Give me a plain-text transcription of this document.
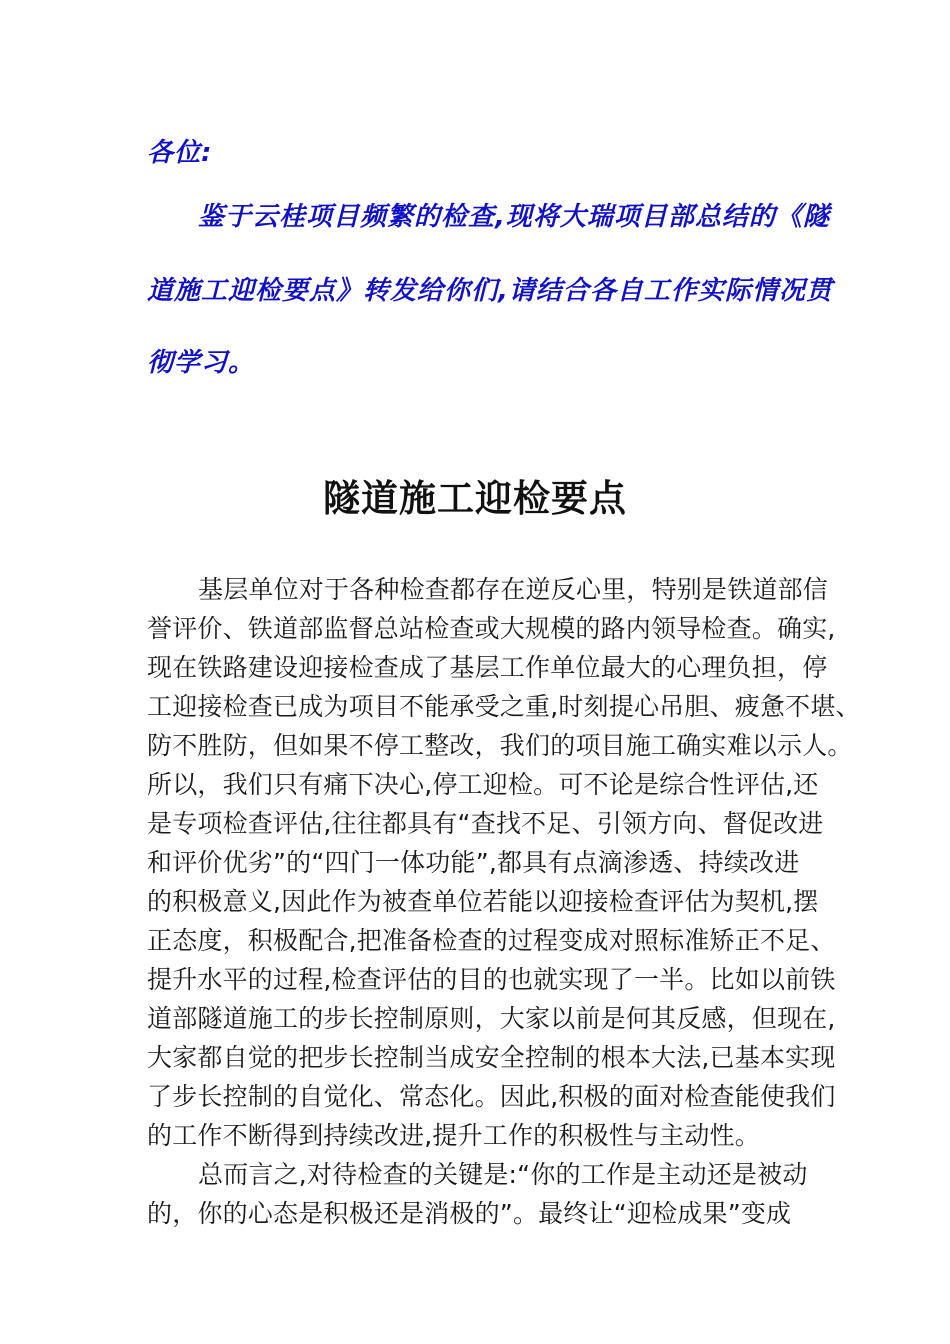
各位:

鉴于云桂项目频繁的检查,现将大瑞项目部总结的《隧

道施工迎检要点》转发给你们,请结合各自工作实际情况贯

彻学习。

隧道施工迎检要点

基层单位对于各种检查都存在逆反心里，特别是铁道部信

誉评价、铁道部监督总站检查或大规模的路内领导检查。确实,

现在铁路建设迎接检查成了基层工作单位最大的心理负担，停

工迎接检查已成为项目不能承受之重,时刻提心吊胆、疲惫不堪、

防不胜防，但如果不停工整改，我们的项目施工确实难以示人。

所以，我们只有痛下决心,停工迎检。可不论是综合性评估,还

是专项检查评估,往往都具有“查找不足、引领方向、督促改进

和评价优劣”的“四门一体功能”,都具有点滴渗透、持续改进

的积极意义,因此作为被查单位若能以迎接检查评估为契机,摆

正态度，积极配合,把准备检查的过程变成对照标准矫正不足、

提升水平的过程,检查评估的目的也就实现了一半。比如以前铁

道部隧道施工的步长控制原则，大家以前是何其反感，但现在,

大家都自觉的把步长控制当成安全控制的根本大法,已基本实现

了步长控制的自觉化、常态化。因此,积极的面对检查能使我们

的工作不断得到持续改进,提升工作的积极性与主动性。

总而言之,对待检查的关键是:“你的工作是主动还是被动

的，你的心态是积极还是消极的”。最终让“迎检成果”变成
